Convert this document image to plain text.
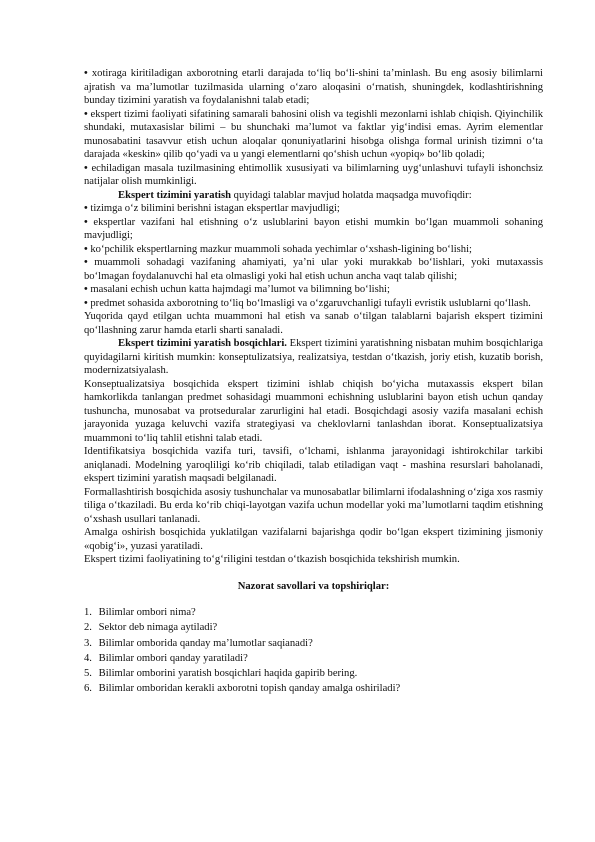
• xotiraga kiritiladigan axborotning etarli darajada to‘liq bo‘li-shini ta’minlash. Bu eng asosiy bilimlarni ajratish va ma’lumotlar tuzilmasida ularning o‘zaro aloqasini o‘rnatish, shuningdek, kodlashtirishning bunday tizimini yaratish va foydalanishni talab etadi;

• ekspert tizimi faoliyati sifatining samarali bahosini olish va tegishli mezonlarni ishlab chiqish. Qiyinchilik shundaki, mutaxasislar bilimi – bu shunchaki ma’lumot va faktlar yig‘indisi emas. Ayrim elementlar munosabatini tasavvur etish uchun aloqalar qonuniyatlarini hisobga olishga formal urinish tizimni o‘ta darajada «keskin» qilib qo‘yadi va u yangi elementlarni qo‘shish uchun «yopiq» bo‘lib qoladi;

• echiladigan masala tuzilmasining ehtimollik xususiyati va bilimlarning uyg‘unlashuvi tufayli ishonchsiz natijalar olish mumkinligi.

Ekspert tizimini yaratish quyidagi talablar mavjud holatda maqsadga muvofiqdir:

• tizimga o‘z bilimini berishni istagan ekspertlar mavjudligi;

• ekspertlar vazifani hal etishning o‘z uslublarini bayon etishi mumkin bo‘lgan muammoli sohaning mavjudligi;

• ko‘pchilik ekspertlarning mazkur muammoli sohada yechimlar o‘xshash-ligining bo‘lishi;

• muammoli sohadagi vazifaning ahamiyati, ya’ni ular yoki murakkab bo‘lishlari, yoki mutaxassis bo‘lmagan foydalanuvchi hal eta olmasligi yoki hal etish uchun ancha vaqt talab qilishi;

• masalani echish uchun katta hajmdagi ma’lumot va bilimning bo‘lishi;

• predmet sohasida axborotning to‘liq bo‘lmasligi va o‘zgaruvchanligi tufayli evristik uslublarni qo‘llash.

Yuqorida qayd etilgan uchta muammoni hal etish va sanab o‘tilgan talablarni bajarish ekspert tizimini qo‘llashning zarur hamda etarli sharti sanaladi.

Ekspert tizimini yaratish bosqichlari. Ekspert tizimini yaratishning nisbatan muhim bosqichlariga quyidagilarni kiritish mumkin: konseptulizatsiya, realizatsiya, testdan o‘tkazish, joriy etish, kuzatib borish, modernizatsiyalash.

Konseptualizatsiya bosqichida ekspert tizimini ishlab chiqish bo‘yicha mutaxassis ekspert bilan hamkorlikda tanlangan predmet sohasidagi muammoni echishning uslublarini bayon etish uchun qanday tushuncha, munosabat va protseduralar zarurligini hal etadi. Bosqichdagi asosiy vazifa masalani echish jarayonida yuzaga keluvchi vazifa strategiyasi va cheklovlarni tanlashdan iborat. Konseptualizatsiya muammoni to‘liq tahlil etishni talab etadi.

Identifikatsiya bosqichida vazifa turi, tavsifi, o‘lchami, ishlanma jarayonidagi ishtirokchilar tarkibi aniqlanadi. Modelning yaroqliligi ko‘rib chiqiladi, talab etiladigan vaqt - mashina resurslari baholanadi, ekspert tizimini yaratish maqsadi belgilanadi.

Formallashtirish bosqichida asosiy tushunchalar va munosabatlar bilimlarni ifodalashning o‘ziga xos rasmiy tiliga o‘tkaziladi. Bu erda ko‘rib chiqi-layotgan vazifa uchun modellar yoki ma’lumotlarni taqdim etishning o‘xshash usullari tanlanadi.

Amalga oshirish bosqichida yuklatilgan vazifalarni bajarishga qodir bo‘lgan ekspert tizimining jismoniy «qobig‘i», yuzasi yaratiladi.

Ekspert tizimi faoliyatining to‘g‘riligini testdan o‘tkazish bosqichida tekshirish mumkin.

Nazorat savollari va topshiriqlar:
1. Bilimlar ombori nima?
2. Sektor deb nimaga aytiladi?
3. Bilimlar omborida qanday ma’lumotlar saqianadi?
4. Bilimlar ombori qanday yaratiladi?
5. Bilimlar omborini yaratish bosqichlari haqida gapirib bering.
6. Bilimlar omboridan kerakli axborotni topish qanday amalga oshiriladi?
